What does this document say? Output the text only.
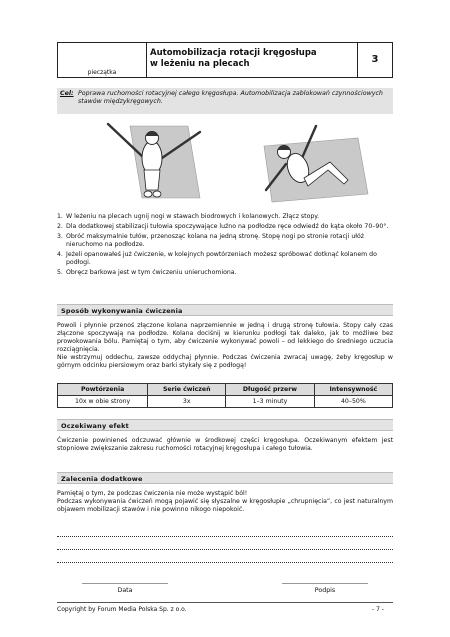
pieczątka
Automobilizacja rotacji kręgosłupa
w leżeniu na plecach	3
Cel: Poprawa ruchomości rotacyjnej całego kręgosłupa. Automobilizacja zablokowań czynnościowych stawów międzykręgowych.
1. W leżeniu na plecach ugnij nogi w stawach biodrowych i kolanowych. Złącz stopy.
2. Dla dodatkowej stabilizacji tułowia spoczywające luźno na podłodze ręce odwiedź do kąta około 70–90°.
3. Obróć maksymalnie tułów, przenosząc kolana na jedną stronę. Stopę nogi po stronie rotacji ułóż nieruchomo na podłodze.
4. Jeżeli opanowałeś już ćwiczenie, w kolejnych powtórzeniach możesz spróbować dotknąć kolanem do podłogi.
5. Obręcz barkowa jest w tym ćwiczeniu unieruchomiona.
Sposób wykonywania ćwiczenia
Powoli i płynnie przenoś złączone kolana naprzemiennie w jedną i drugą stronę tułowia. Stopy cały czas złączone spoczywają na podłodze. Kolana dociśnij w kierunku podłogi tak daleko, jak to możliwe bez prowokowania bólu. Pamiętaj o tym, aby ćwiczenie wykonywać powoli – od lekkiego do średniego uczucia rozciągnięcia.
Nie wstrzymuj oddechu, zawsze oddychaj płynnie. Podczas ćwiczenia zwracaj uwagę, żeby kręgosłup w górnym odcinku piersiowym oraz barki stykały się z podłogą!
Powtórzenia	Serie ćwiczeń	Długość przerw	Intensywność
10x w obie strony	3x	1–3 minuty	40–50%
Oczekiwany efekt
Ćwiczenie powinieneś odczuwać głównie w środkowej części kręgosłupa. Oczekiwanym efektem jest stopniowe zwiększanie zakresu ruchomości rotacyjnej kręgosłupa i całego tułowia.
Zalecenia dodatkowe
Pamiętaj o tym, że podczas ćwiczenia nie może wystąpić ból!
Podczas wykonywania ćwiczeń mogą pojawić się słyszalne w kręgosłupie „chrupnięcia”, co jest naturalnym objawem mobilizacji stawów i nie powinno nikogo niepokoić.
Data	Podpis
Copyright by Forum Media Polska Sp. z o.o.	- 7 -
